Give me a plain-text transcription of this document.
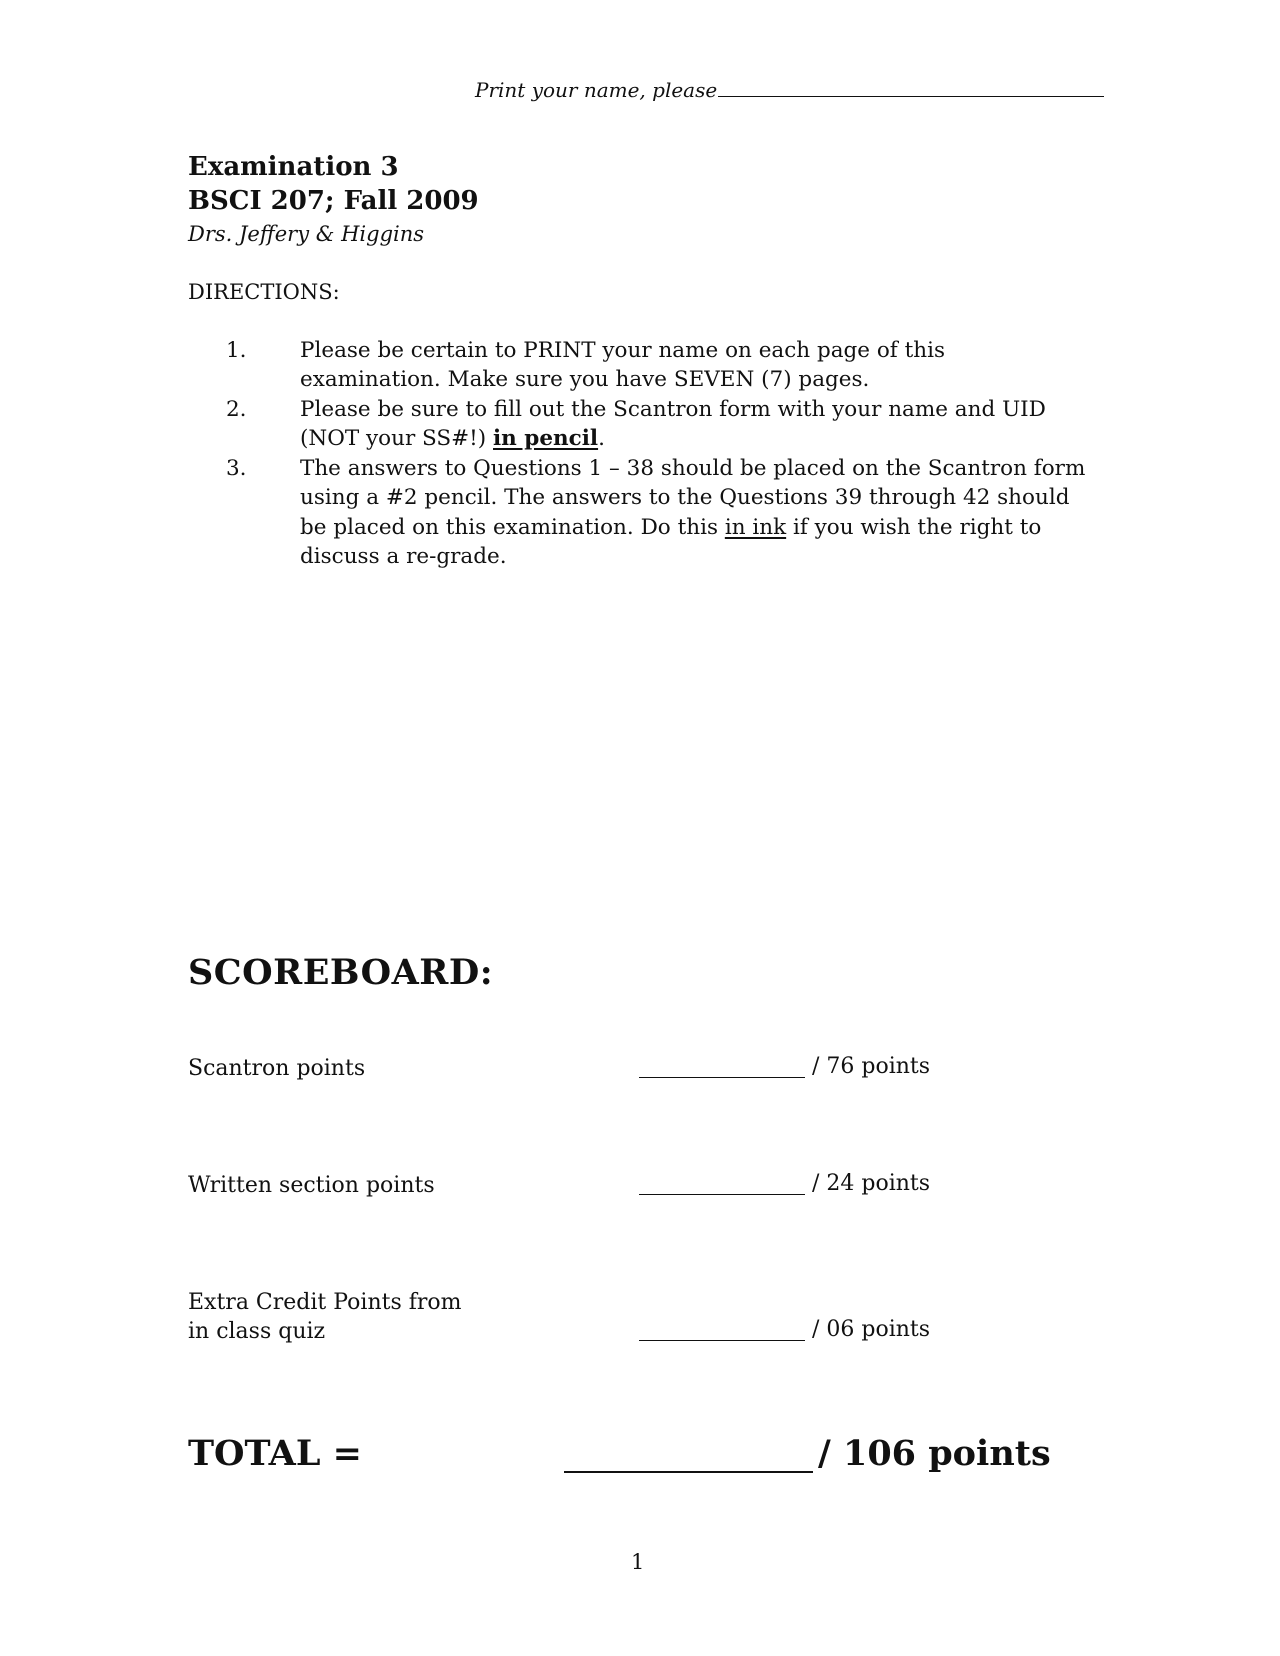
Print your name, please
Examination 3
BSCI 207; Fall 2009
Drs. Jeffery & Higgins
DIRECTIONS:
1. Please be certain to PRINT your name on each page of this examination. Make sure you have SEVEN (7) pages.
2. Please be sure to fill out the Scantron form with your name and UID (NOT your SS#!) in pencil.
3. The answers to Questions 1 – 38 should be placed on the Scantron form using a #2 pencil. The answers to the Questions 39 through 42 should be placed on this examination. Do this in ink if you wish the right to discuss a re-grade.
SCOREBOARD:
Scantron points	/ 76 points
Written section points	/ 24 points
Extra Credit Points from
in class quiz	/ 06 points
TOTAL =	/ 106 points
1
